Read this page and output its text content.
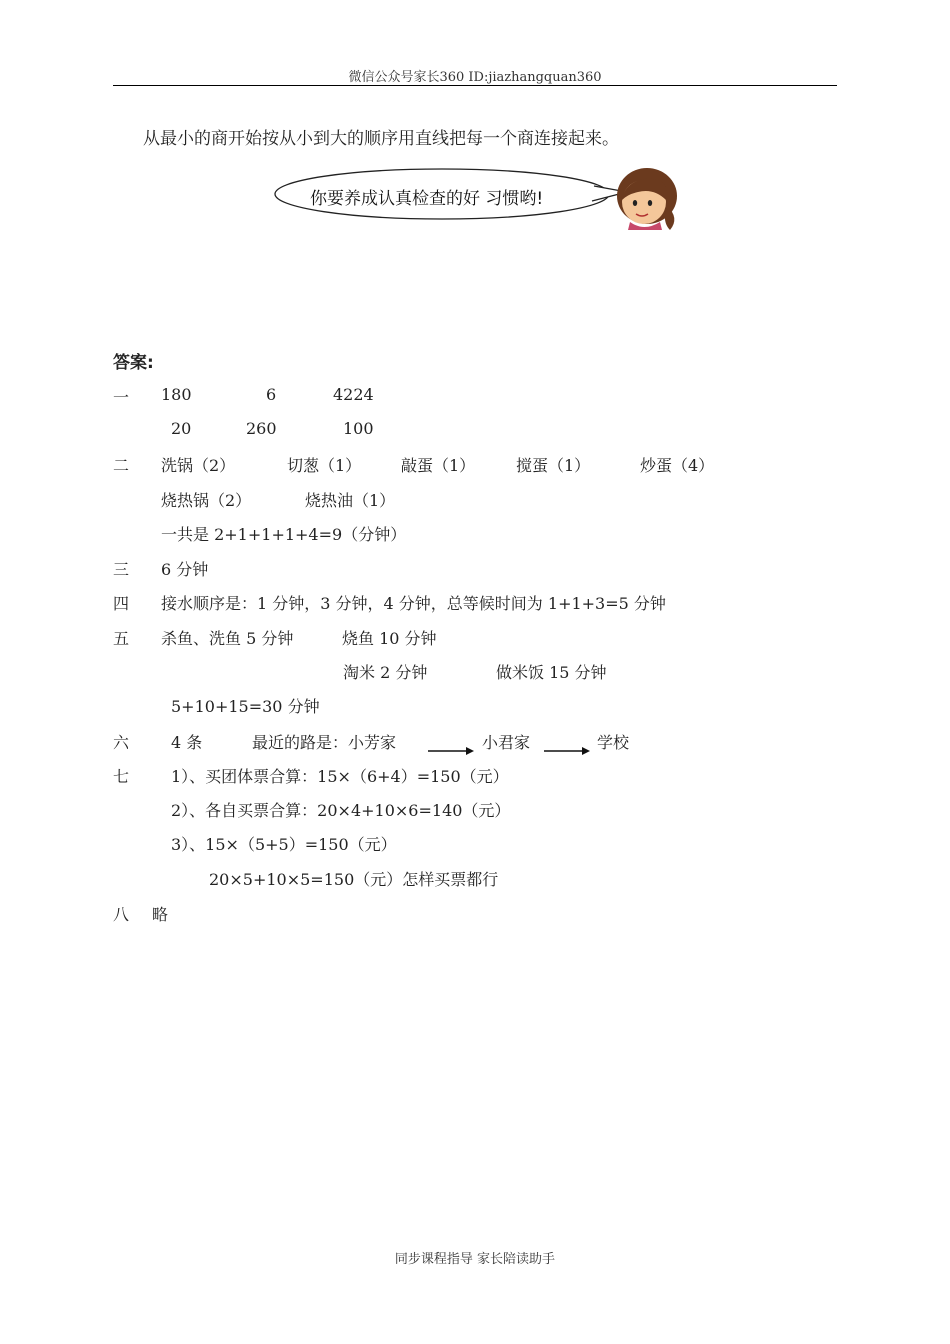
微信公众号家长360 ID:jiazhangquan360
从最小的商开始按从小到大的顺序用直线把每一个商连接起来。
你要养成认真检查的好 习惯哟!
答案:
一 180	6	4224
20	260	100
二 洗锅（2）	切葱（1） 敲蛋（1）	搅蛋（1）	炒蛋（4）
烧热锅（2）	烧热油（1）
一共是 2+1+1+1+4=9（分钟）
三 6 分钟
四 接水顺序是：1 分钟，3 分钟，4 分钟，总等候时间为 1+1+3=5 分钟
五 杀鱼、洗鱼 5 分钟	烧鱼 10 分钟
淘米 2 分钟	做米饭 15 分钟
5+10+15=30 分钟
六	4 条	最近的路是：小芳家	小君家	学校
七	1）、买团体票合算：15×（6+4）=150（元）
2）、各自买票合算：20×4+10×6=140（元）
3）、15×（5+5）=150（元）
20×5+10×5=150（元）怎样买票都行
八 略
同步课程指导 家长陪读助手
